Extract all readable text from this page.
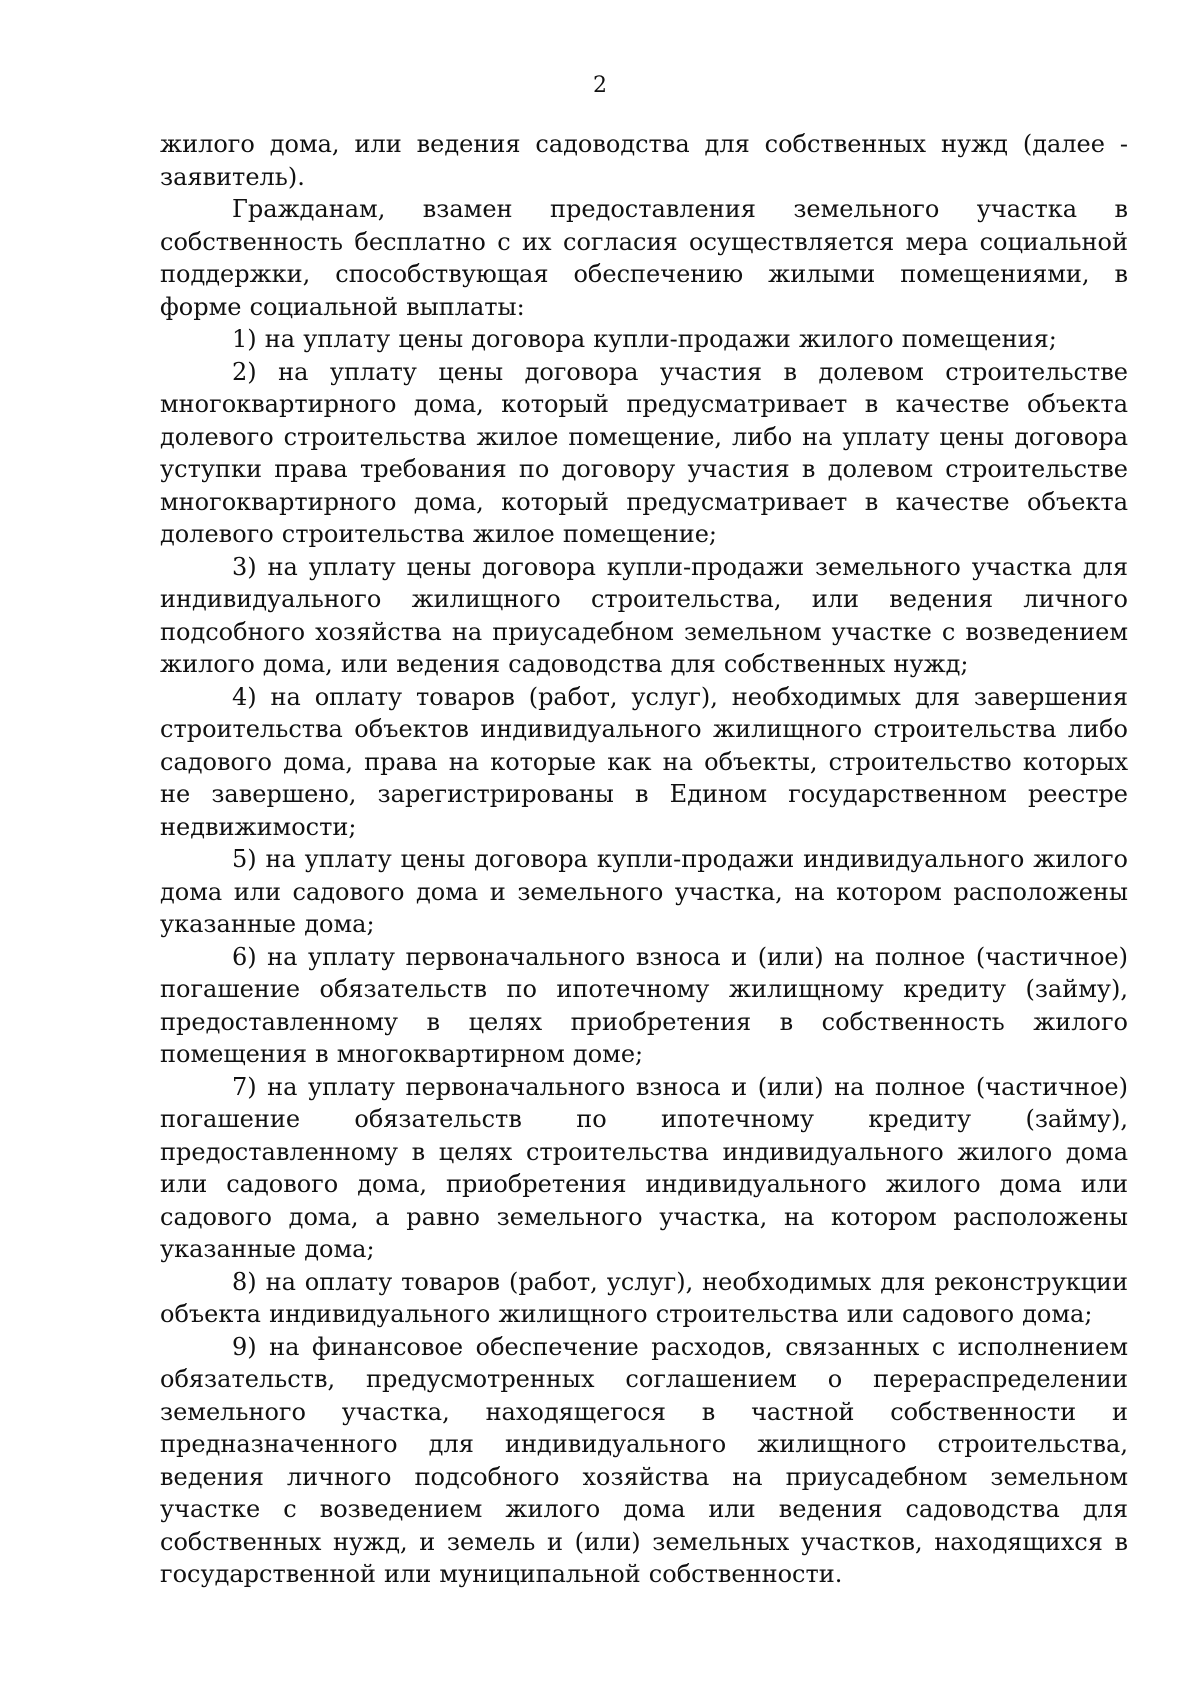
2

жилого дома, или ведения садоводства для собственных нужд (далее - заявитель).

Гражданам, взамен предоставления земельного участка в собственность бесплатно с их согласия осуществляется мера социальной поддержки, способствующая обеспечению жилыми помещениями, в форме социальной выплаты:

1) на уплату цены договора купли-продажи жилого помещения;

2) на уплату цены договора участия в долевом строительстве многоквартирного дома, который предусматривает в качестве объекта долевого строительства жилое помещение, либо на уплату цены договора уступки права требования по договору участия в долевом строительстве многоквартирного дома, который предусматривает в качестве объекта долевого строительства жилое помещение;

3) на уплату цены договора купли-продажи земельного участка для индивидуального жилищного строительства, или ведения личного подсобного хозяйства на приусадебном земельном участке с возведением жилого дома, или ведения садоводства для собственных нужд;

4) на оплату товаров (работ, услуг), необходимых для завершения строительства объектов индивидуального жилищного строительства либо садового дома, права на которые как на объекты, строительство которых не завершено, зарегистрированы в Едином государственном реестре недвижимости;

5) на уплату цены договора купли-продажи индивидуального жилого дома или садового дома и земельного участка, на котором расположены указанные дома;

6) на уплату первоначального взноса и (или) на полное (частичное) погашение обязательств по ипотечному жилищному кредиту (займу), предоставленному в целях приобретения в собственность жилого помещения в многоквартирном доме;

7) на уплату первоначального взноса и (или) на полное (частичное) погашение обязательств по ипотечному кредиту (займу), предоставленному в целях строительства индивидуального жилого дома или садового дома, приобретения индивидуального жилого дома или садового дома, а равно земельного участка, на котором расположены указанные дома;

8) на оплату товаров (работ, услуг), необходимых для реконструкции объекта индивидуального жилищного строительства или садового дома;

9) на финансовое обеспечение расходов, связанных с исполнением обязательств, предусмотренных соглашением о перераспределении земельного участка, находящегося в частной собственности и предназначенного для индивидуального жилищного строительства, ведения личного подсобного хозяйства на приусадебном земельном участке с возведением жилого дома или ведения садоводства для собственных нужд, и земель и (или) земельных участков, находящихся в государственной или муниципальной собственности.
